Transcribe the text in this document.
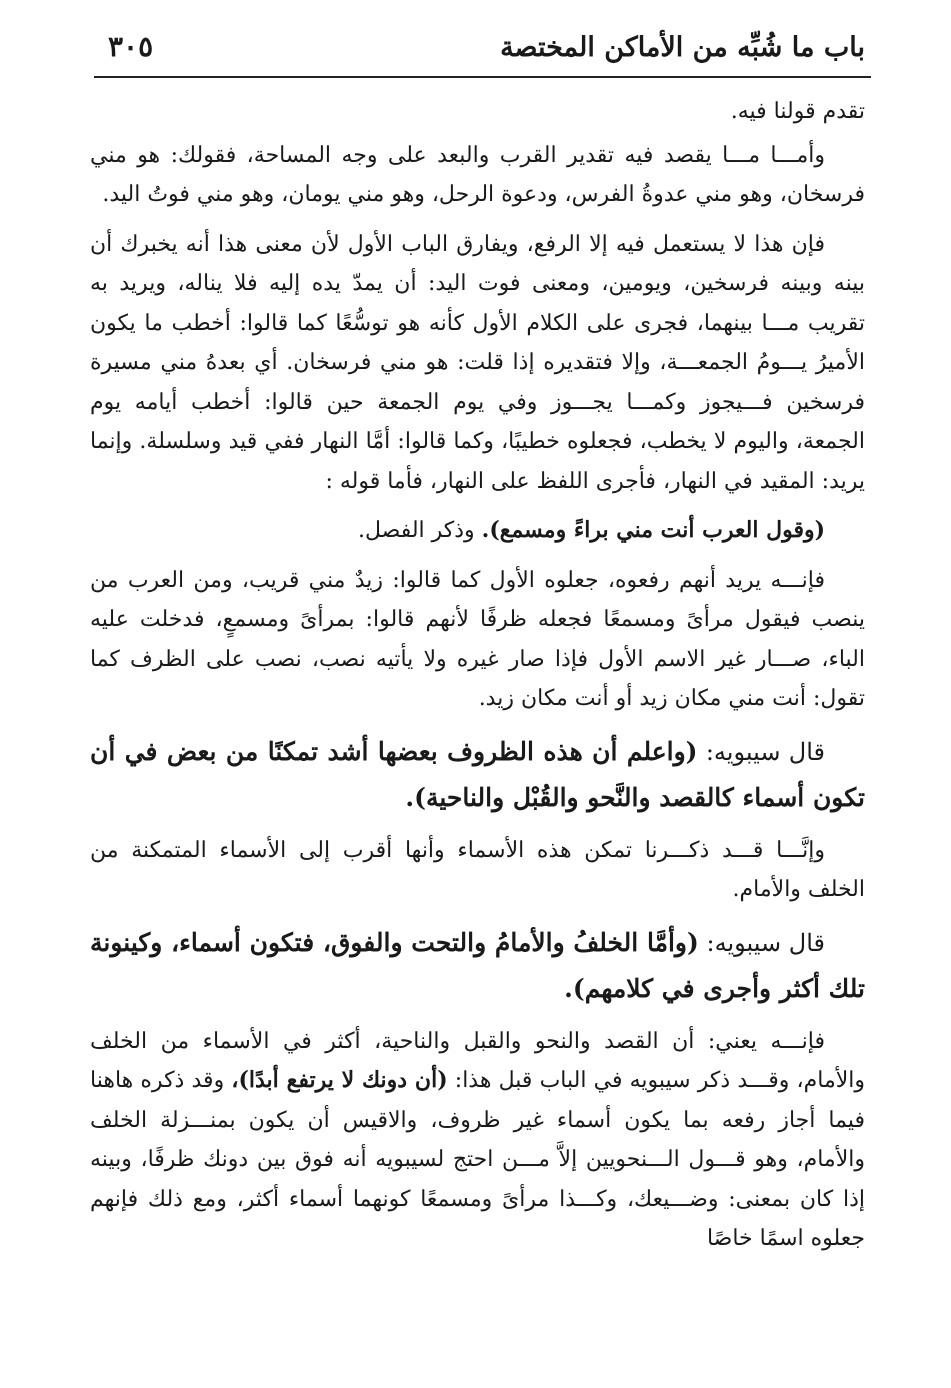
باب ما شُبِّه من الأماكن المختصة
٣٠٥

تقدم قولنا فيه.

وأمـــا مـــا يقصد فيه تقدير القرب والبعد على وجه المساحة، فقولك: هو مني فرسخان، وهو مني عدوةُ الفرس، ودعوة الرحل، وهو مني يومان، وهو مني فوتُ اليد.

فإن هذا لا يستعمل فيه إلا الرفع، ويفارق الباب الأول لأن معنى هذا أنه يخبرك أن بينه وبينه فرسخين، ويومين، ومعنى فوت اليد: أن يمدّ يده إليه فلا يناله، ويريد به تقريب مـــا بينهما، فجرى على الكلام الأول كأنه هو توسُّعًا كما قالوا: أخطب ما يكون الأميرُ يـــومُ الجمعـــة، وإلا فتقديره إذا قلت: هو مني فرسخان. أي بعدهُ مني مسيرة فرسخين فـــيجوز وكمـــا يجـــوز وفي يوم الجمعة حين قالوا: أخطب أيامه يوم الجمعة، واليوم لا يخطب، فجعلوه خطيبًا، وكما قالوا: أمَّا النهار ففي قيد وسلسلة. وإنما يريد: المقيد في النهار، فأجرى اللفظ على النهار، فأما قوله :

(وقول العرب أنت مني براءً ومسمع). وذكر الفصل.

فإنـــه يريد أنهم رفعوه، جعلوه الأول كما قالوا: زيدٌ مني قريب، ومن العرب من ينصب فيقول مرأىً ومسمعًا فجعله ظرفًا لأنهم قالوا: بمرأىً ومسمعٍ، فدخلت عليه الباء، صـــار غير الاسم الأول فإذا صار غيره ولا يأتيه نصب، نصب على الظرف كما تقول: أنت مني مكان زيد أو أنت مكان زيد.

قال سيبويه: (واعلم أن هذه الظروف بعضها أشد تمكنًا من بعض في أن تكون أسماء كالقصد والنَّحو والقُبْل والناحية).

وإنَّـــا قـــد ذكـــرنا تمكن هذه الأسماء وأنها أقرب إلى الأسماء المتمكنة من الخلف والأمام.

قال سيبويه: (وأمَّا الخلفُ والأمامُ والتحت والفوق، فتكون أسماء، وكينونة تلك أكثر وأجرى في كلامهم).

فإنـــه يعني: أن القصد والنحو والقبل والناحية، أكثر في الأسماء من الخلف والأمام، وقـــد ذكر سيبويه في الباب قبل هذا: (أن دونك لا يرتفع أبدًا)، وقد ذكره هاهنا فيما أجاز رفعه بما يكون أسماء غير ظروف، والاقيس أن يكون بمنـــزلة الخلف والأمام، وهو قـــول الـــنحويين إلاَّ مـــن احتج لسيبويه أنه فوق بين دونك ظرفًا، وبينه إذا كان بمعنى: وضـــيعك، وكـــذا مرأىً ومسمعًا كونهما أسماء أكثر، ومع ذلك فإنهم جعلوه اسمًا خاصًا
